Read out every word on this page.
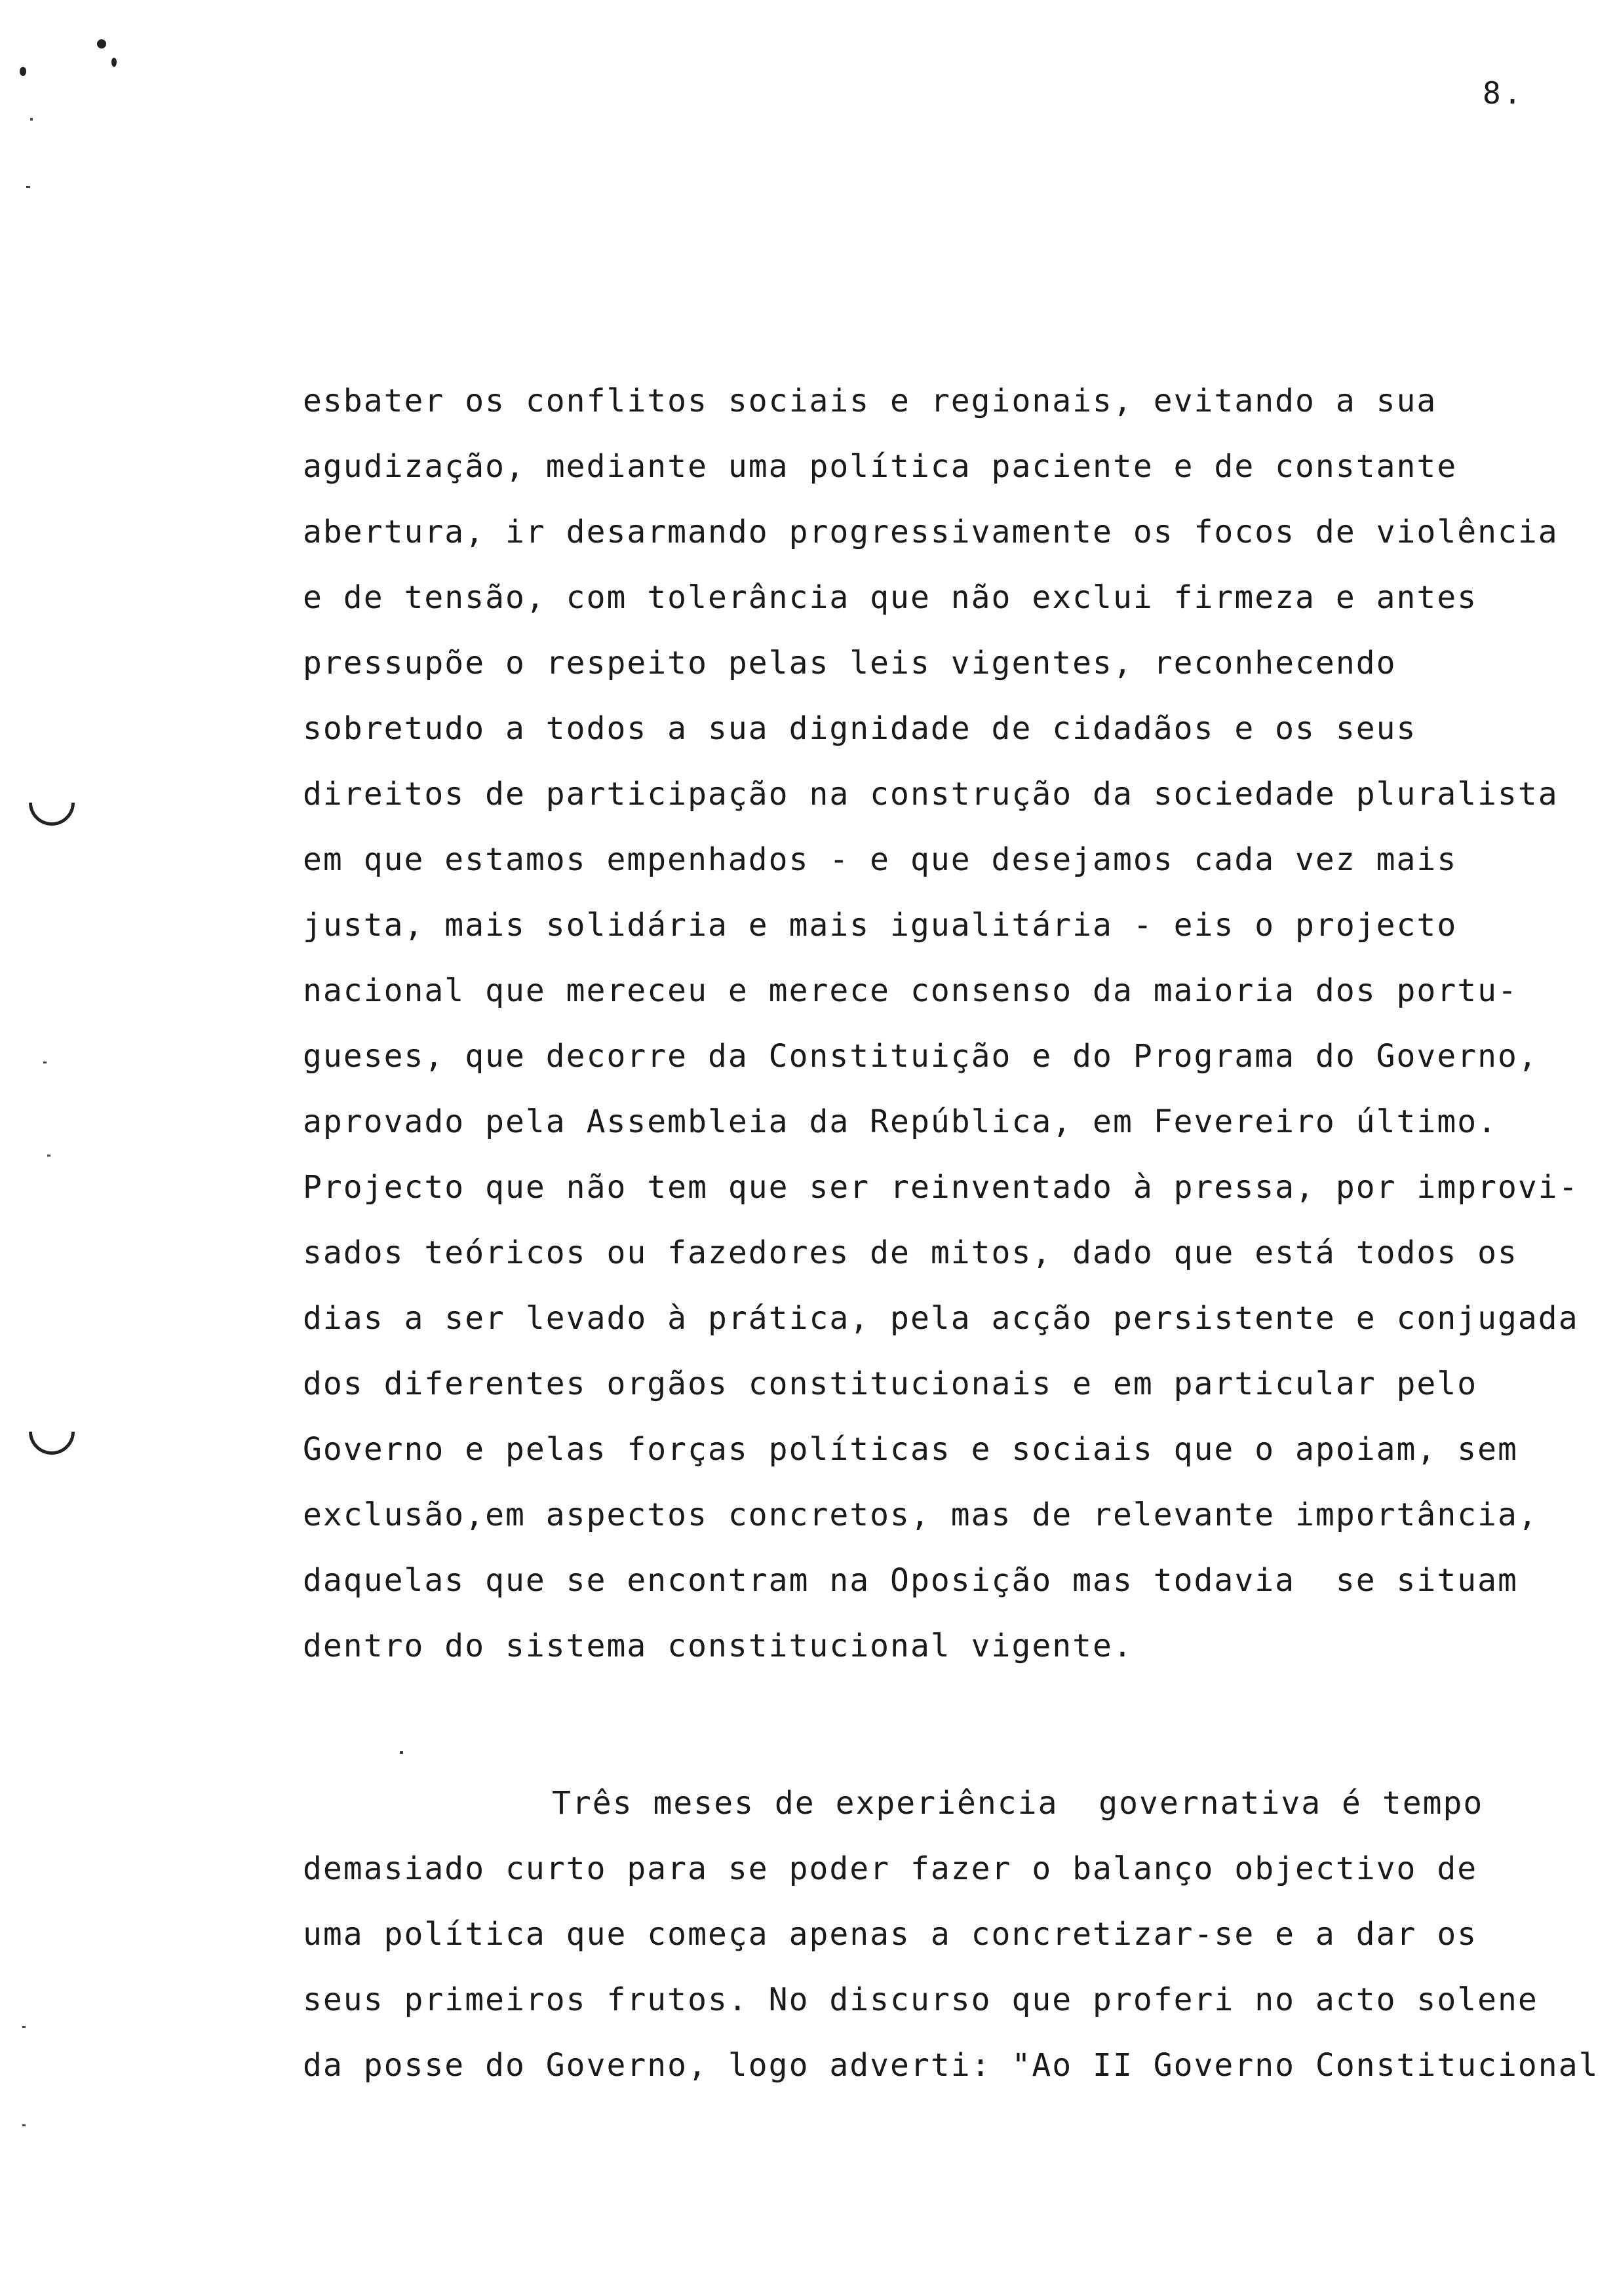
8.
esbater os conflitos sociais e regionais, evitando a sua
agudização, mediante uma política paciente e de constante
abertura, ir desarmando progressivamente os focos de violência
e de tensão, com tolerância que não exclui firmeza e antes
pressupõe o respeito pelas leis vigentes, reconhecendo
sobretudo a todos a sua dignidade de cidadãos e os seus
direitos de participação na construção da sociedade pluralista
em que estamos empenhados - e que desejamos cada vez mais
justa, mais solidária e mais igualitária - eis o projecto
nacional que mereceu e merece consenso da maioria dos portu-
gueses, que decorre da Constituição e do Programa do Governo,
aprovado pela Assembleia da República, em Fevereiro último.
Projecto que não tem que ser reinventado à pressa, por improvi-
sados teóricos ou fazedores de mitos, dado que está todos os
dias a ser levado à prática, pela acção persistente e conjugada
dos diferentes orgãos constitucionais e em particular pelo
Governo e pelas forças políticas e sociais que o apoiam, sem
exclusão,em aspectos concretos, mas de relevante importância,
daquelas que se encontram na Oposição mas todavia  se situam
dentro do sistema constitucional vigente.
Três meses de experiência  governativa é tempo
demasiado curto para se poder fazer o balanço objectivo de
uma política que começa apenas a concretizar-se e a dar os
seus primeiros frutos. No discurso que proferi no acto solene
da posse do Governo, logo adverti: "Ao II Governo Constitucional
